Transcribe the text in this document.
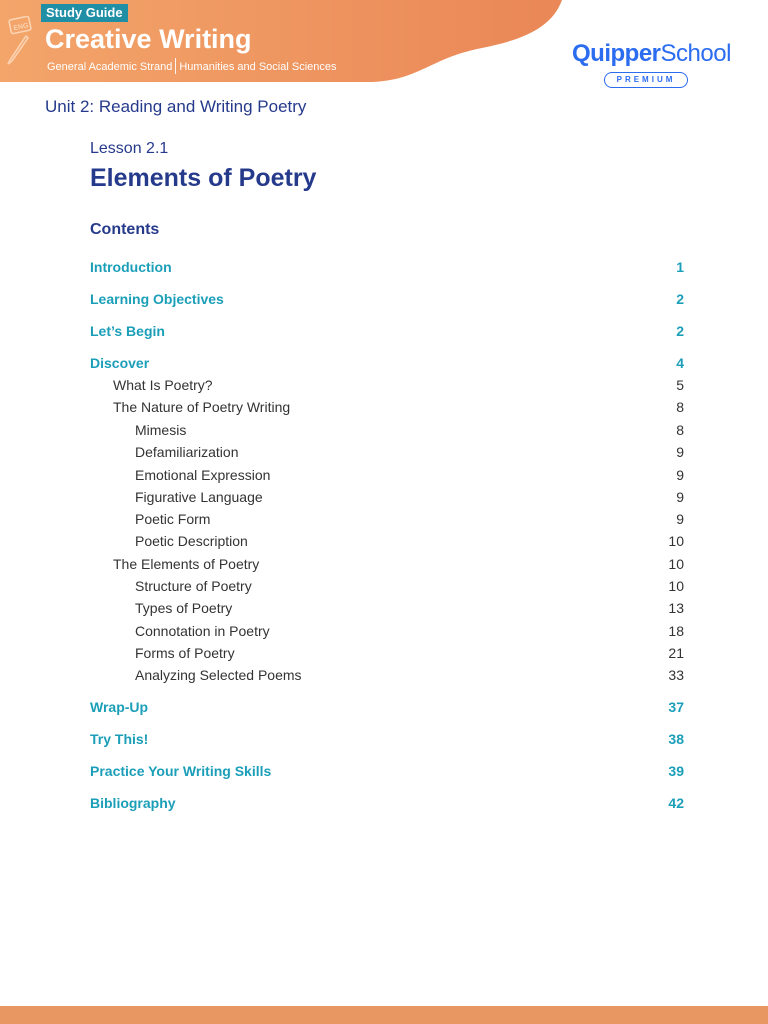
ENG
Study Guide
Creative Writing
General Academic Strand Humanities and Social Sciences	QuipperSchool
PREMIUM
Unit 2: Reading and Writing Poetry
Lesson 2.1
Elements of Poetry
Contents
Introduction	1
Learning Objectives	2
Let’s Begin	2
Discover	4
What Is Poetry?	5
The Nature of Poetry Writing	8
Mimesis	8
Defamiliarization	9
Emotional Expression	9
Figurative Language	9
Poetic Form	9
Poetic Description	10
The Elements of Poetry	10
Structure of Poetry	10
Types of Poetry	13
Connotation in Poetry	18
Forms of Poetry	21
Analyzing Selected Poems	33
Wrap-Up	37
Try This!	38
Practice Your Writing Skills	39
Bibliography	42
